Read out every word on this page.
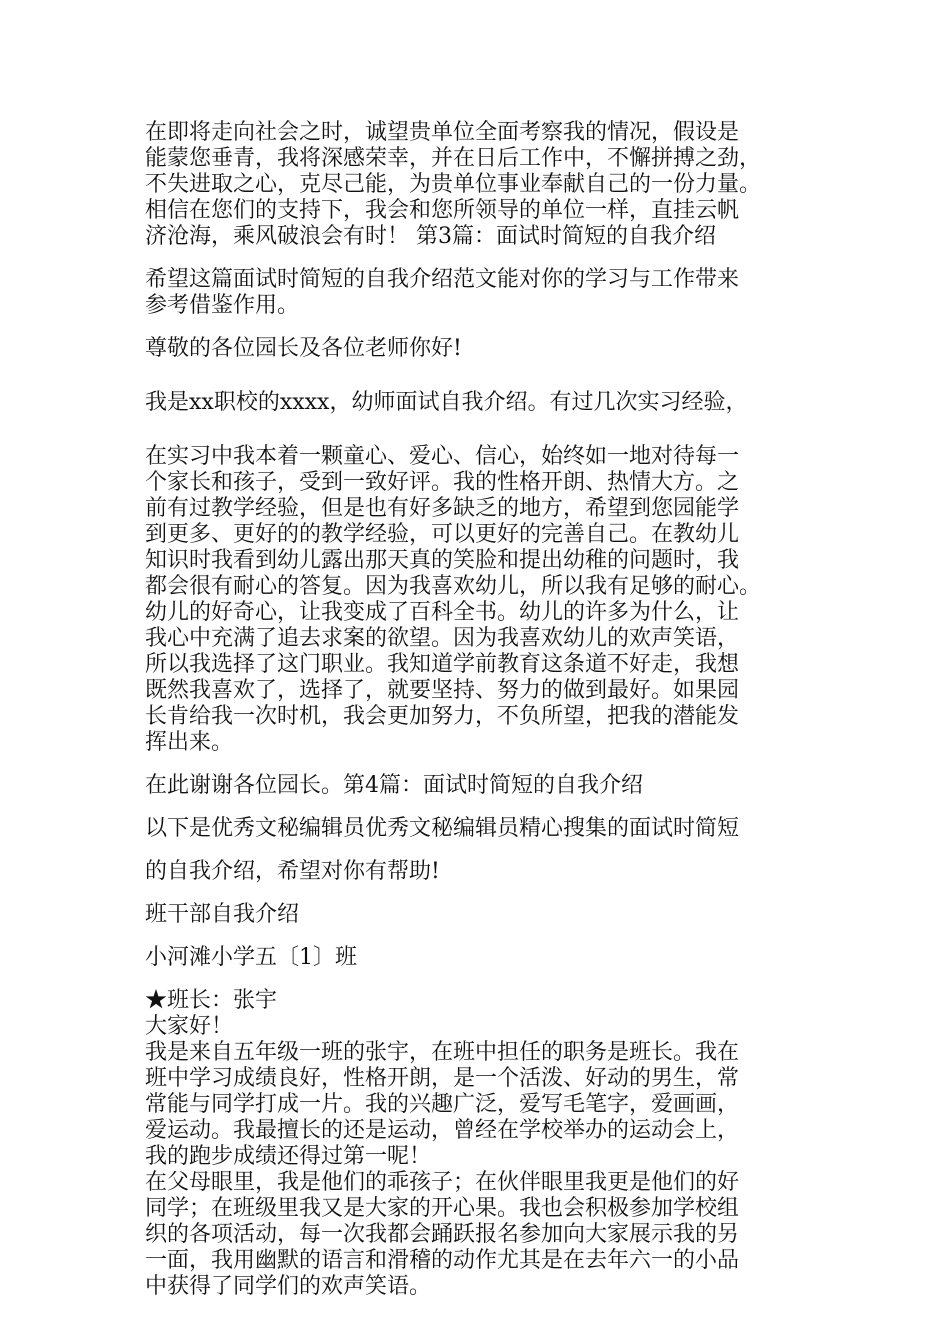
在即将走向社会之时，诚望贵单位全面考察我的情况，假设是

能蒙您垂青，我将深感荣幸，并在日后工作中，不懈拼搏之劲，

不失进取之心，克尽己能，为贵单位事业奉献自己的一份力量。

相信在您们的支持下，我会和您所领导的单位一样，直挂云帆

济沧海，乘风破浪会有时！ 第3篇：面试时简短的自我介绍

希望这篇面试时简短的自我介绍范文能对你的学习与工作带来

参考借鉴作用。

尊敬的各位园长及各位老师你好!

我是xx职校的xxxx，幼师面试自我介绍。有过几次实习经验，

在实习中我本着一颗童心、爱心、信心，始终如一地对待每一

个家长和孩子，受到一致好评。我的性格开朗、热情大方。之

前有过教学经验，但是也有好多缺乏的地方，希望到您园能学

到更多、更好的的教学经验，可以更好的完善自己。在教幼儿

知识时我看到幼儿露出那天真的笑脸和提出幼稚的问题时，我

都会很有耐心的答复。因为我喜欢幼儿，所以我有足够的耐心。

幼儿的好奇心，让我变成了百科全书。幼儿的许多为什么，让

我心中充满了追去求案的欲望。因为我喜欢幼儿的欢声笑语，

所以我选择了这门职业。我知道学前教育这条道不好走，我想

既然我喜欢了，选择了，就要坚持、努力的做到最好。如果园

长肯给我一次时机，我会更加努力，不负所望，把我的潜能发

挥出来。

在此谢谢各位园长。第4篇：面试时简短的自我介绍

以下是优秀文秘编辑员优秀文秘编辑员精心搜集的面试时简短

的自我介绍，希望对你有帮助!

班干部自我介绍

小河滩小学五〔1〕班

★班长：张宇

大家好！

我是来自五年级一班的张宇，在班中担任的职务是班长。我在

班中学习成绩良好，性格开朗，是一个活泼、好动的男生，常

常能与同学打成一片。我的兴趣广泛，爱写毛笔字，爱画画，

爱运动。我最擅长的还是运动，曾经在学校举办的运动会上，

我的跑步成绩还得过第一呢！

在父母眼里，我是他们的乖孩子；在伙伴眼里我更是他们的好

同学；在班级里我又是大家的开心果。我也会积极参加学校组

织的各项活动，每一次我都会踊跃报名参加向大家展示我的另

一面，我用幽默的语言和滑稽的动作尤其是在去年六一的小品

中获得了同学们的欢声笑语。
